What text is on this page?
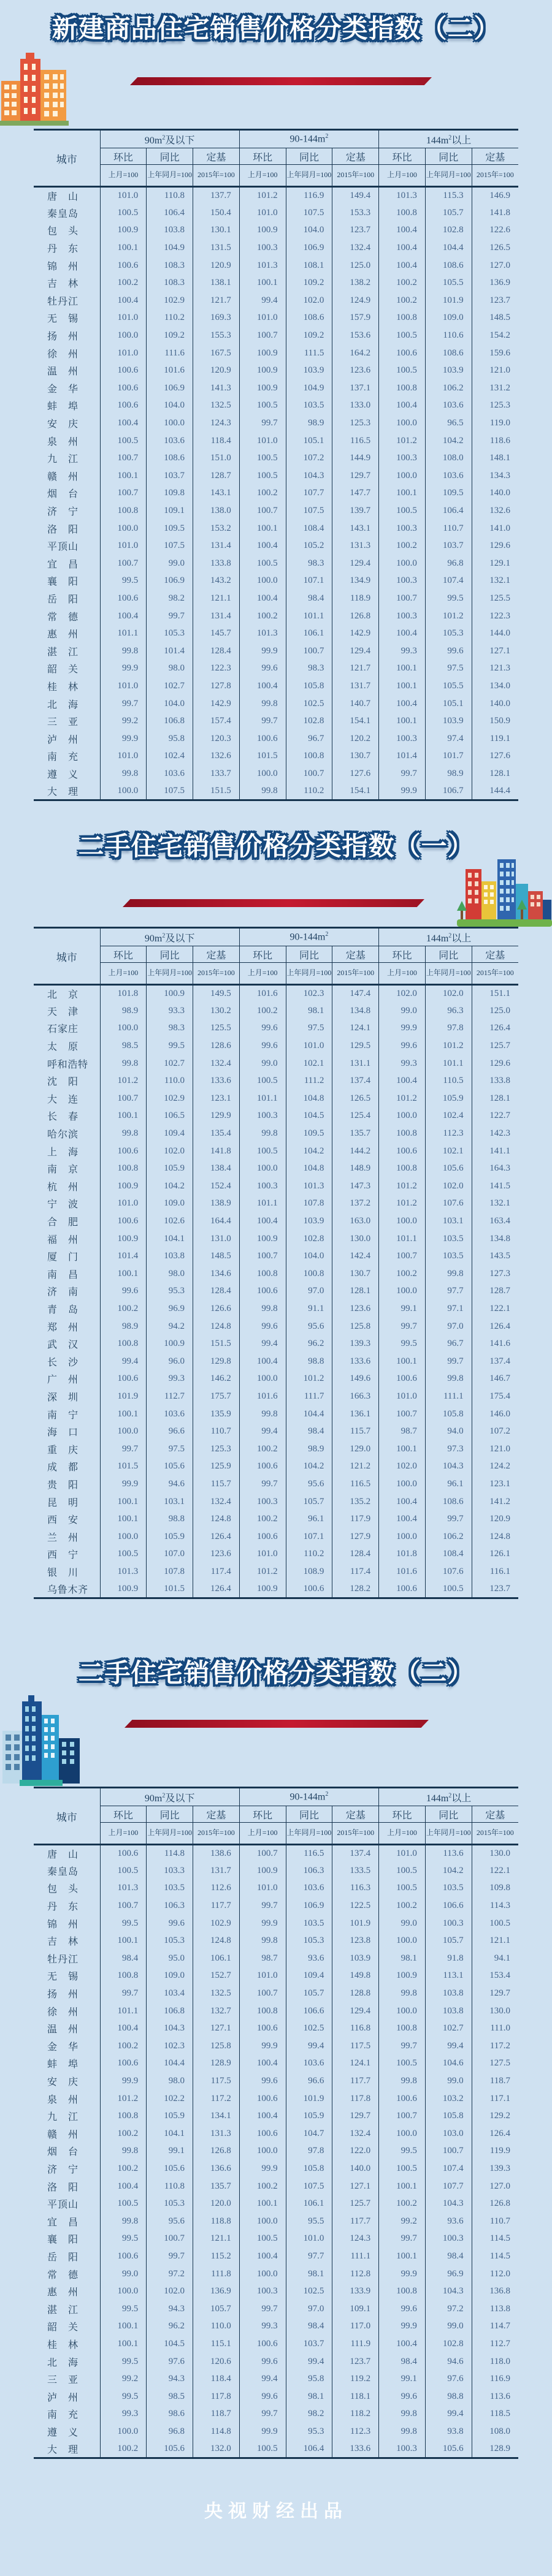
新建商品住宅销售价格分类指数（二）
城市	$90m^2$及以下			$90-144m^2$			$144m^2$以上		
	环比	同比	定基	环比	同比	定基	环比	同比	定基
	上月=100	上年同月=100	2015年=100	上月=100	上年同月=100	2015年=100	上月=100	上年同月=100	2015年=100
唐山	101.0	110.8	137.7	101.2	116.9	149.4	101.3	115.3	146.9
秦皇岛	100.5	106.4	150.4	101.0	107.5	153.3	100.8	105.7	141.8
包头	100.9	103.8	130.1	100.9	104.0	123.7	100.4	102.8	122.6
丹东	100.1	104.9	131.5	100.3	106.9	132.4	100.4	104.4	126.5
锦州	100.6	108.3	120.9	101.3	108.1	125.0	100.4	108.6	127.0
吉林	100.2	108.3	138.1	100.1	109.2	138.2	100.2	105.5	136.9
牡丹江	100.4	102.9	121.7	99.4	102.0	124.9	100.2	101.9	123.7
无锡	101.0	110.2	169.3	101.0	108.6	157.9	100.8	109.0	148.5
扬州	100.0	109.2	155.3	100.7	109.2	153.6	100.5	110.6	154.2
徐州	101.0	111.6	167.5	100.9	111.5	164.2	100.6	108.6	159.6
温州	100.6	101.6	120.9	100.9	103.9	123.6	100.5	103.9	121.0
金华	100.6	106.9	141.3	100.9	104.9	137.1	100.8	106.2	131.2
蚌埠	100.6	104.0	132.5	100.5	103.5	133.0	100.4	103.6	125.3
安庆	100.4	100.0	124.3	99.7	98.9	125.3	100.0	96.5	119.0
泉州	100.5	103.6	118.4	101.0	105.1	116.5	101.2	104.2	118.6
九江	100.7	108.6	151.0	100.5	107.2	144.9	100.3	108.0	148.1
赣州	100.1	103.7	128.7	100.5	104.3	129.7	100.0	103.6	134.3
烟台	100.7	109.8	143.1	100.2	107.7	147.7	100.1	109.5	140.0
济宁	100.8	109.1	138.0	100.7	107.5	139.7	100.5	106.4	132.6
洛阳	100.0	109.5	153.2	100.1	108.4	143.1	100.3	110.7	141.0
平顶山	101.0	107.5	131.4	100.4	105.2	131.3	100.2	103.7	129.6
宜昌	100.7	99.0	133.8	100.5	98.3	129.4	100.0	96.8	129.1
襄阳	99.5	106.9	143.2	100.0	107.1	134.9	100.3	107.4	132.1
岳阳	100.6	98.2	121.1	100.4	98.4	118.9	100.7	99.5	125.5
常德	100.4	99.7	131.4	100.2	101.1	126.8	100.3	101.2	122.3
惠州	101.1	105.3	145.7	101.3	106.1	142.9	100.4	105.3	144.0
湛江	99.8	101.4	128.4	99.9	100.7	129.4	99.3	99.6	127.1
韶关	99.9	98.0	122.3	99.6	98.3	121.7	100.1	97.5	121.3
桂林	101.0	102.7	127.8	100.4	105.8	131.7	100.1	105.5	134.0
北海	99.7	104.0	142.9	99.8	102.5	140.7	100.4	105.1	140.0
三亚	99.2	106.8	157.4	99.7	102.8	154.1	100.1	103.9	150.9
泸州	99.9	95.8	120.3	100.6	96.7	120.2	100.3	97.4	119.1
南充	101.0	102.4	132.6	101.5	100.8	130.7	101.4	101.7	127.6
遵义	99.8	103.6	133.7	100.0	100.7	127.6	99.7	98.9	128.1
大理	100.0	107.5	151.5	99.8	110.2	154.1	99.9	106.7	144.4
二手住宅销售价格分类指数（一）
城市	$90m^2$及以下			$90-144m^2$			$144m^2$以上		
	环比	同比	定基	环比	同比	定基	环比	同比	定基
	上月=100	上年同月=100	2015年=100	上月=100	上年同月=100	2015年=100	上月=100	上年同月=100	2015年=100
北京	101.8	100.9	149.5	101.6	102.3	147.4	102.0	102.0	151.1
天津	98.9	93.3	130.2	100.2	98.1	134.8	99.0	96.3	125.0
石家庄	100.0	98.3	125.5	99.6	97.5	124.1	99.9	97.8	126.4
太原	98.5	99.5	128.6	99.6	101.0	129.5	99.6	101.2	125.7
呼和浩特	99.8	102.7	132.4	99.0	102.1	131.1	99.3	101.1	129.6
沈阳	101.2	110.0	133.6	100.5	111.2	137.4	100.4	110.5	133.8
大连	100.7	102.9	123.1	101.1	104.8	126.5	101.2	105.9	128.1
长春	100.1	106.5	129.9	100.3	104.5	125.4	100.0	102.4	122.7
哈尔滨	99.8	109.4	135.4	99.8	109.5	135.7	100.8	112.3	142.3
上海	100.6	102.0	141.8	100.5	104.2	144.2	100.6	102.1	141.1
南京	100.8	105.9	138.4	100.0	104.8	148.9	100.8	105.6	164.3
杭州	100.9	104.2	152.4	100.3	101.3	147.3	101.2	102.0	141.5
宁波	101.0	109.0	138.9	101.1	107.8	137.2	101.2	107.6	132.1
合肥	100.6	102.6	164.4	100.4	103.9	163.0	100.0	103.1	163.4
福州	100.9	104.1	131.0	100.9	102.8	130.0	101.1	103.5	134.8
厦门	101.4	103.8	148.5	100.7	104.0	142.4	100.7	103.5	143.5
南昌	100.1	98.0	134.6	100.8	100.8	130.7	100.2	99.8	127.3
济南	99.6	95.3	128.4	100.6	97.0	128.1	100.0	97.7	128.7
青岛	100.2	96.9	126.6	99.8	91.1	123.6	99.1	97.1	122.1
郑州	98.9	94.2	124.8	99.6	95.6	125.8	99.7	97.0	126.4
武汉	100.8	100.9	151.5	99.4	96.2	139.3	99.5	96.7	141.6
长沙	99.4	96.0	129.8	100.4	98.8	133.6	100.1	99.7	137.4
广州	100.6	99.3	146.2	100.0	101.2	149.6	100.6	99.8	146.7
深圳	101.9	112.7	175.7	101.6	111.7	166.3	101.0	111.1	175.4
南宁	100.1	103.6	135.9	99.8	104.4	136.1	100.7	105.8	146.0
海口	100.0	96.6	110.7	99.4	98.4	115.7	98.7	94.0	107.2
重庆	99.7	97.5	125.3	100.2	98.9	129.0	100.1	97.3	121.0
成都	101.5	105.6	125.9	100.6	104.2	121.2	102.0	104.3	124.2
贵阳	99.9	94.6	115.7	99.7	95.6	116.5	100.0	96.1	123.1
昆明	100.1	103.1	132.4	100.3	105.7	135.2	100.4	108.6	141.2
西安	100.1	98.8	124.8	100.2	96.1	117.9	100.4	99.7	120.9
兰州	100.0	105.9	126.4	100.6	107.1	127.9	100.0	106.2	124.8
西宁	100.5	107.0	123.6	101.0	110.2	128.4	101.8	108.4	126.1
银川	101.3	107.8	117.4	101.2	108.9	117.4	101.6	107.6	116.1
乌鲁木齐	100.9	101.5	126.4	100.9	100.6	128.2	100.6	100.5	123.7
二手住宅销售价格分类指数（二）
城市	$90m^2$及以下			$90-144m^2$			$144m^2$以上		
	环比	同比	定基	环比	同比	定基	环比	同比	定基
	上月=100	上年同月=100	2015年=100	上月=100	上年同月=100	2015年=100	上月=100	上年同月=100	2015年=100
唐山	100.6	114.8	138.6	100.7	116.5	137.4	101.0	113.6	130.0
秦皇岛	100.5	103.3	131.7	100.9	106.3	133.5	100.5	104.2	122.1
包头	101.3	103.5	112.6	101.0	103.6	116.3	100.5	103.5	109.8
丹东	100.7	106.3	117.7	99.7	106.9	122.5	100.2	106.6	114.3
锦州	99.5	99.6	102.9	99.9	103.5	101.9	99.0	100.3	100.5
吉林	100.1	105.3	124.8	99.8	105.3	123.8	100.0	105.7	121.1
牡丹江	98.4	95.0	106.1	98.7	93.6	103.9	98.1	91.8	94.1
无锡	100.8	109.0	152.7	101.0	109.4	149.8	100.9	113.1	153.4
扬州	99.7	103.4	132.5	100.7	105.7	128.8	99.8	103.8	129.7
徐州	101.1	106.8	132.7	100.8	106.6	129.4	100.0	103.8	130.0
温州	100.4	104.3	127.1	100.6	102.5	116.8	100.8	102.7	111.0
金华	100.2	102.3	125.8	99.9	99.4	117.5	99.7	99.4	117.2
蚌埠	100.6	104.4	128.9	100.4	103.6	124.1	100.5	104.6	127.5
安庆	99.9	98.0	117.5	99.6	96.6	117.7	99.8	99.0	118.7
泉州	101.2	102.2	117.2	100.6	101.9	117.8	100.6	103.2	117.1
九江	100.8	105.9	134.1	100.4	105.9	129.7	100.7	105.8	129.2
赣州	100.2	104.1	131.3	100.6	104.7	132.4	100.0	103.0	126.4
烟台	99.8	99.1	126.8	100.0	97.8	122.0	99.5	100.7	119.9
济宁	100.2	105.6	136.6	99.9	105.8	140.0	100.5	107.4	139.3
洛阳	100.4	110.8	135.7	100.2	107.5	127.1	100.1	107.7	127.0
平顶山	100.5	105.3	120.0	100.1	106.1	125.7	100.2	104.3	126.8
宜昌	99.8	95.6	118.8	100.0	95.5	117.7	99.2	93.6	110.7
襄阳	99.5	100.7	121.1	100.5	101.0	124.3	99.7	100.3	114.5
岳阳	100.6	99.7	115.2	100.4	97.7	111.1	100.1	98.4	114.5
常德	99.0	97.2	111.8	100.0	98.1	112.8	99.9	96.9	112.0
惠州	100.0	102.0	136.9	100.3	102.5	133.9	100.8	104.3	136.8
湛江	99.5	94.3	105.7	99.7	97.0	109.1	99.6	97.2	113.8
韶关	100.1	96.2	110.0	99.3	98.4	117.0	99.9	99.0	114.7
桂林	100.1	104.5	115.1	100.6	103.7	111.9	100.4	102.8	112.7
北海	99.5	97.6	120.6	99.6	99.4	123.7	98.4	94.6	118.0
三亚	99.2	94.3	118.4	99.4	95.8	119.2	99.1	97.6	116.9
泸州	99.5	98.5	117.8	99.6	98.1	118.1	99.6	98.8	113.6
南充	99.3	98.6	118.7	99.7	98.2	118.2	99.8	99.4	118.5
遵义	100.0	96.8	114.8	99.9	95.3	112.3	99.8	93.8	108.0
大理	100.2	105.6	132.0	100.5	106.4	133.6	100.3	105.6	128.9
央视财经出品
